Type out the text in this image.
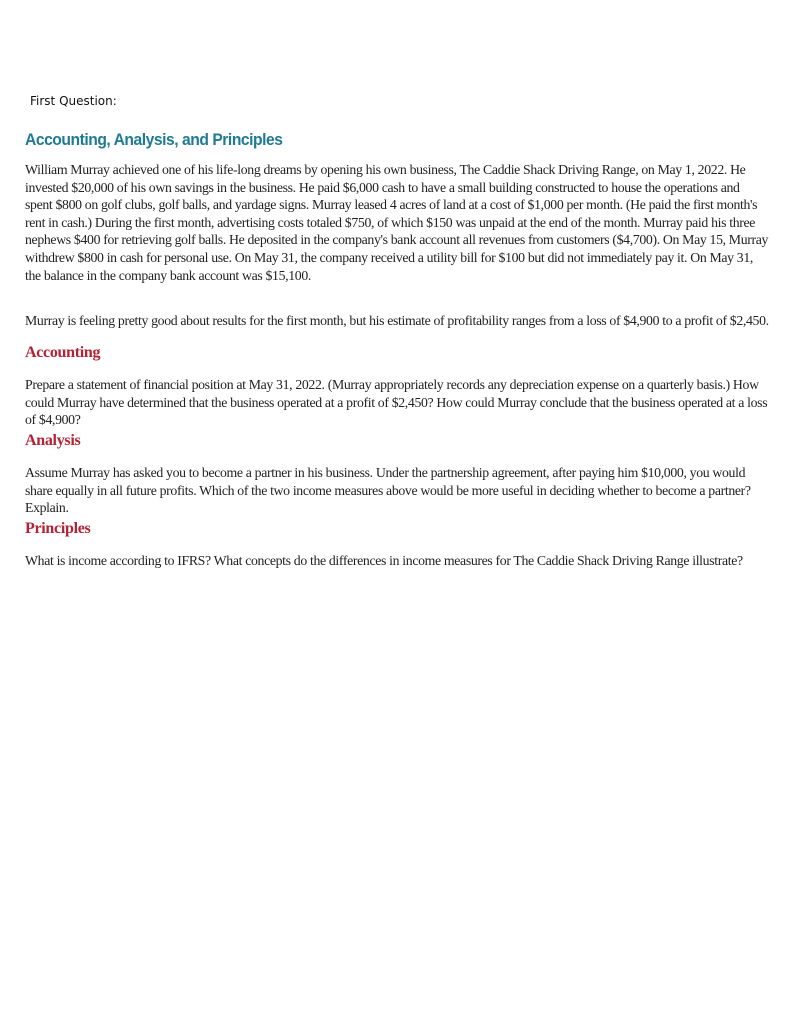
First Question:
Accounting, Analysis, and Principles

William Murray achieved one of his life-long dreams by opening his own business, The Caddie Shack Driving Range, on May 1, 2022. He invested $20,000 of his own savings in the business. He paid $6,000 cash to have a small building constructed to house the operations and spent $800 on golf clubs, golf balls, and yardage signs. Murray leased 4 acres of land at a cost of $1,000 per month. (He paid the first month's rent in cash.) During the first month, advertising costs totaled $750, of which $150 was unpaid at the end of the month. Murray paid his three nephews $400 for retrieving golf balls. He deposited in the company's bank account all revenues from customers ($4,700). On May 15, Murray withdrew $800 in cash for personal use. On May 31, the company received a utility bill for $100 but did not immediately pay it. On May 31, the balance in the company bank account was $15,100.

Murray is feeling pretty good about results for the first month, but his estimate of profitability ranges from a loss of $4,900 to a profit of $2,450.

Accounting

Prepare a statement of financial position at May 31, 2022. (Murray appropriately records any depreciation expense on a quarterly basis.) How could Murray have determined that the business operated at a profit of $2,450? How could Murray conclude that the business operated at a loss of $4,900?

Analysis

Assume Murray has asked you to become a partner in his business. Under the partnership agreement, after paying him $10,000, you would share equally in all future profits. Which of the two income measures above would be more useful in deciding whether to become a partner? Explain.

Principles

What is income according to IFRS? What concepts do the differences in income measures for The Caddie Shack Driving Range illustrate?
